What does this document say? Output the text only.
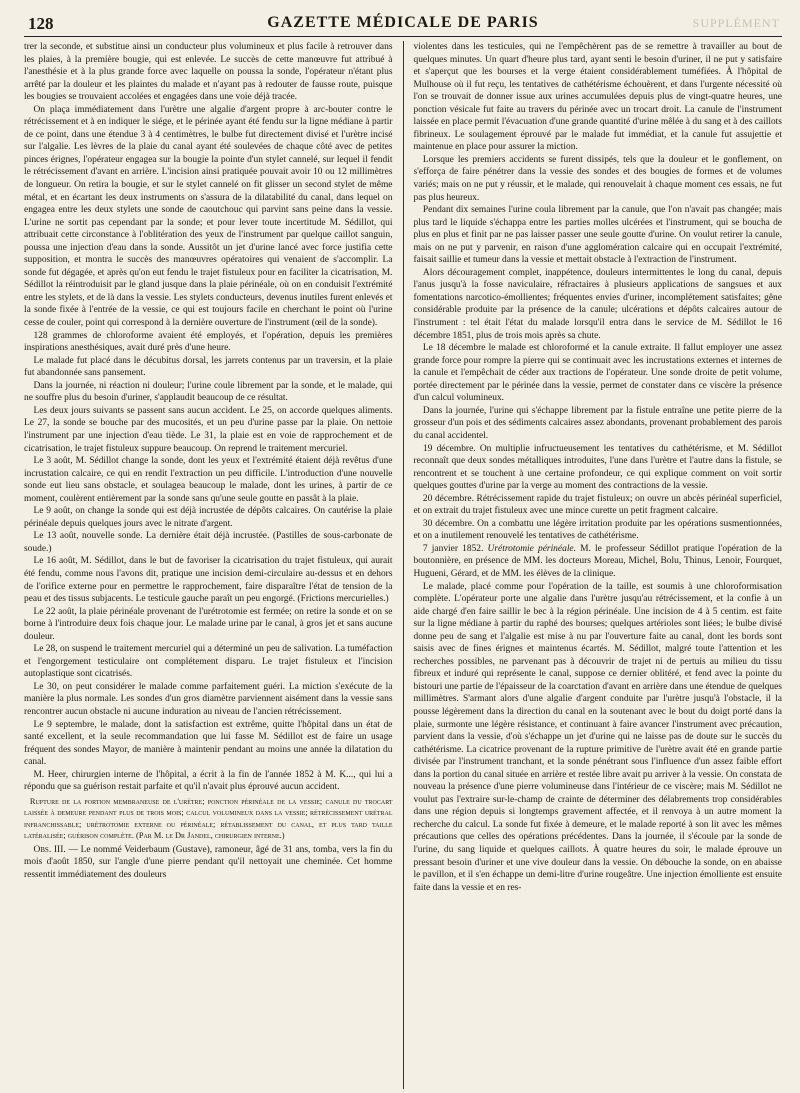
128	GAZETTE MÉDICALE DE PARIS	SUPPLÉMENT

trer la seconde, et substitue ainsi un conducteur plus volumineux et plus facile à retrouver dans les plaies, à la première bougie, qui est enlevée. Le succès de cette manœuvre fut attribué à l'anesthésie et à la plus grande force avec laquelle on poussa la sonde, l'opérateur n'étant plus arrêté par la douleur et les plaintes du malade et n'ayant pas à redouter de fausse route, puisque les bougies se trouvaient accolées et engagées dans une voie déjà tracée.

On plaça immédiatement dans l'urètre une algalie d'argent propre à arc-bouter contre le rétrécissement et à en indiquer le siége, et le périnée ayant été fendu sur la ligne médiane à partir de ce point, dans une étendue 3 à 4 centimètres, le bulbe fut directement divisé et l'urètre incisé sur l'algalie. Les lèvres de la plaie du canal ayant été soulevées de chaque côté avec de petites pinces érignes, l'opérateur engagea sur la bougie la pointe d'un stylet cannelé, sur lequel il fendit le rétrécissement d'avant en arrière. L'incision ainsi pratiquée pouvait avoir 10 ou 12 millimètres de longueur. On retira la bougie, et sur le stylet cannelé on fit glisser un second stylet de même métal, et en écartant les deux instruments on s'assura de la dilatabilité du canal, dans lequel on engagea entre les deux stylets une sonde de caoutchouc qui parvint sans peine dans la vessie. L'urine ne sortit pas cependant par la sonde; et pour lever toute incertitude M. Sédillot, qui attribuait cette circonstance à l'oblitération des yeux de l'instrument par quelque caillot sanguin, poussa une injection d'eau dans la sonde. Aussitôt un jet d'urine lancé avec force justifia cette supposition, et montra le succès des manœuvres opératoires qui venaient de s'accomplir. La sonde fut dégagée, et après qu'on eut fendu le trajet fistuleux pour en faciliter la cicatrisation, M. Sédillot la réintroduisit par le gland jusque dans la plaie périnéale, où on en conduisit l'extrémité entre les stylets, et de là dans la vessie. Les stylets conducteurs, devenus inutiles furent enlevés et la sonde fixée à l'entrée de la vessie, ce qui est toujours facile en cherchant le point où l'urine cesse de couler, point qui correspond à la dernière ouverture de l'instrument (œil de la sonde).

128 grammes de chloroforme avaient été employés, et l'opération, depuis les premières inspirations anesthésiques, avait duré près d'une heure.

Le malade fut placé dans le décubitus dorsal, les jarrets contenus par un traversin, et la plaie fut abandonnée sans pansement.

Dans la journée, ni réaction ni douleur; l'urine coule librement par la sonde, et le malade, qui ne souffre plus du besoin d'uriner, s'applaudit beaucoup de ce résultat.

Les deux jours suivants se passent sans aucun accident. Le 25, on accorde quelques aliments. Le 27, la sonde se bouche par des mucosités, et un peu d'urine passe par la plaie. On nettoie l'instrument par une injection d'eau tiède. Le 31, la plaie est en voie de rapprochement et de cicatrisation, le trajet fistuleux suppure beaucoup. On reprend le traitement mercuriel.

Le 3 août, M. Sédillot change la sonde, dont les yeux et l'extrémité étaient déjà revêtus d'une incrustation calcaire, ce qui en rendit l'extraction un peu difficile. L'introduction d'une nouvelle sonde eut lieu sans obstacle, et soulagea beaucoup le malade, dont les urines, à partir de ce moment, coulèrent entièrement par la sonde sans qu'une seule goutte en passât à la plaie.

Le 9 août, on change la sonde qui est déjà incrustée de dépôts calcaires. On cautérise la plaie périnéale depuis quelques jours avec le nitrate d'argent.

Le 13 août, nouvelle sonde. La dernière était déjà incrustée. (Pastilles de sous-carbonate de soude.)

Le 16 août, M. Sédillot, dans le but de favoriser la cicatrisation du trajet fistuleux, qui aurait été fendu, comme nous l'avons dit, pratique une incision demi-circulaire au-dessus et en dehors de l'orifice externe pour en permettre le rapprochement, faire disparaître l'état de tension de la peau et des tissus subjacents. Le testicule gauche paraît un peu engorgé. (Frictions mercurielles.)

Le 22 août, la plaie périnéale provenant de l'urétrotomie est fermée; on retire la sonde et on se borne à l'introduire deux fois chaque jour. Le malade urine par le canal, à gros jet et sans aucune douleur.

Le 28, on suspend le traitement mercuriel qui a déterminé un peu de salivation. La tuméfaction et l'engorgement testiculaire ont complétement disparu. Le trajet fistuleux et l'incision autoplastique sont cicatrisés.

Le 30, on peut considérer le malade comme parfaitement guéri. La miction s'exécute de la manière la plus normale. Les sondes d'un gros diamètre parviennent aisément dans la vessie sans rencontrer aucun obstacle ni aucune induration au niveau de l'ancien rétrécissement.

Le 9 septembre, le malade, dont la satisfaction est extrême, quitte l'hôpital dans un état de santé excellent, et la seule recommandation que lui fasse M. Sédillot est de faire un usage fréquent des sondes Mayor, de manière à maintenir pendant au moins une année la dilatation du canal.

M. Heer, chirurgien interne de l'hôpital, a écrit à la fin de l'année 1852 à M. K..., qui lui a répondu que sa guérison restait parfaite et qu'il n'avait plus éprouvé aucun accident.

Rupture de la portion membraneuse de l'urètre; ponction périnéale de la vessie; canule du trocart laissée à demeure pendant plus de trois mois; calcul volumineux dans la vessie; rétrécissement urétral infranchissable; urétrotomie externe ou périnéale; rétablissement du canal, et plus tard taille latéralisée; guérison complète. (Par M. le Dr Jandel, chirurgien interne.)

Obs. III. — Le nommé Veiderbaum (Gustave), ramoneur, âgé de 31 ans, tomba, vers la fin du mois d'août 1850, sur l'angle d'une pierre pendant qu'il nettoyait une cheminée. Cet homme ressentit immédiatement des douleurs

violentes dans les testicules, qui ne l'empêchèrent pas de se remettre à travailler au bout de quelques minutes. Un quart d'heure plus tard, ayant senti le besoin d'uriner, il ne put y satisfaire et s'aperçut que les bourses et la verge étaient considérablement tuméfiées. À l'hôpital de Mulhouse où il fut reçu, les tentatives de cathétérisme échouèrent, et dans l'urgente nécessité où l'on se trouvait de donner issue aux urines accumulées depuis plus de vingt-quatre heures, une ponction vésicale fut faite au travers du périnée avec un trocart droit. La canule de l'instrument laissée en place permit l'évacuation d'une grande quantité d'urine mêlée à du sang et à des caillots fibrineux. Le soulagement éprouvé par le malade fut immédiat, et la canule fut assujettie et maintenue en place pour assurer la miction.

Lorsque les premiers accidents se furent dissipés, tels que la douleur et le gonflement, on s'efforça de faire pénétrer dans la vessie des sondes et des bougies de formes et de volumes variés; mais on ne put y réussir, et le malade, qui renouvelait à chaque moment ces essais, ne fut pas plus heureux.

Pendant dix semaines l'urine coula librement par la canule, que l'on n'avait pas changée; mais plus tard le liquide s'échappa entre les parties molles ulcérées et l'instrument, qui se boucha de plus en plus et finit par ne pas laisser passer une seule goutte d'urine. On voulut retirer la canule, mais on ne put y parvenir, en raison d'une agglomération calcaire qui en occupait l'extrémité, faisait saillie et tumeur dans la vessie et mettait obstacle à l'extraction de l'instrument.

Alors découragement complet, inappétence, douleurs intermittentes le long du canal, depuis l'anus jusqu'à la fosse naviculaire, réfractaires à plusieurs applications de sangsues et aux fomentations narcotico-émollientes; fréquentes envies d'uriner, incomplétement satisfaites; gêne considérable produite par la présence de la canule; ulcérations et dépôts calcaires autour de l'instrument : tel était l'état du malade lorsqu'il entra dans le service de M. Sédillot le 16 décembre 1851, plus de trois mois après sa chute.

Le 18 décembre le malade est chloroformé et la canule extraite. Il fallut employer une assez grande force pour rompre la pierre qui se continuait avec les incrustations externes et internes de la canule et l'empêchait de céder aux tractions de l'opérateur. Une sonde droite de petit volume, portée directement par le périnée dans la vessie, permet de constater dans ce viscère la présence d'un calcul volumineux.

Dans la journée, l'urine qui s'échappe librement par la fistule entraîne une petite pierre de la grosseur d'un pois et des sédiments calcaires assez abondants, provenant probablement des parois du canal accidentel.

19 décembre. On multiplie infructueusement les tentatives du cathétérisme, et M. Sédillot reconnaît que deux sondes métalliques introduites, l'une dans l'urètre et l'autre dans la fistule, se rencontrent et se touchent à une certaine profondeur, ce qui explique comment on voit sortir quelques gouttes d'urine par la verge au moment des contractions de la vessie.

20 décembre. Rétrécissement rapide du trajet fistuleux; on ouvre un abcès périnéal superficiel, et on extrait du trajet fistuleux avec une mince curette un petit fragment calcaire.

30 décembre. On a combattu une légère irritation produite par les opérations susmentionnées, et on a inutilement renouvelé les tentatives de cathétérisme.

7 janvier 1852. Urétrotomie périnéale. M. le professeur Sédillot pratique l'opération de la boutonnière, en présence de MM. les docteurs Moreau, Michel, Bolu, Thinus, Lenoir, Fourquet, Hugueni, Gérard, et de MM. les élèves de la clinique.

Le malade, placé comme pour l'opération de la taille, est soumis à une chloroformisation complète. L'opérateur porte une algalie dans l'urètre jusqu'au rétrécissement, et la confie à un aide chargé d'en faire saillir le bec à la région périnéale. Une incision de 4 à 5 centim. est faite sur la ligne médiane à partir du raphé des bourses; quelques artérioles sont liées; le bulbe divisé donne peu de sang et l'algalie est mise à nu par l'ouverture faite au canal, dont les bords sont saisis avec de fines érignes et maintenus écartés. M. Sédillot, malgré toute l'attention et les recherches possibles, ne parvenant pas à découvrir de trajet ni de pertuis au milieu du tissu fibreux et induré qui représente le canal, suppose ce dernier oblitéré, et fend avec la pointe du bistouri une partie de l'épaisseur de la coarctation d'avant en arrière dans une étendue de quelques millimètres. S'armant alors d'une algalie d'argent conduite par l'urètre jusqu'à l'obstacle, il la pousse légèrement dans la direction du canal en la soutenant avec le bout du doigt porté dans la plaie, surmonte une légère résistance, et continuant à faire avancer l'instrument avec précaution, parvient dans la vessie, d'où s'échappe un jet d'urine qui ne laisse pas de doute sur le succès du cathétérisme. La cicatrice provenant de la rupture primitive de l'urètre avait été en grande partie divisée par l'instrument tranchant, et la sonde pénétrant sous l'influence d'un assez faible effort dans la portion du canal située en arrière et restée libre avait pu arriver à la vessie. On constata de nouveau la présence d'une pierre volumineuse dans l'intérieur de ce viscère; mais M. Sédillot ne voulut pas l'extraire sur-le-champ de crainte de déterminer des délabrements trop considérables dans une région depuis si longtemps gravement affectée, et il renvoya à un autre moment la recherche du calcul. La sonde fut fixée à demeure, et le malade reporté à son lit avec les mêmes précautions que celles des opérations précédentes. Dans la journée, il s'écoule par la sonde de l'urine, du sang liquide et quelques caillots. À quatre heures du soir, le malade éprouve un pressant besoin d'uriner et une vive douleur dans la vessie. On débouche la sonde, on en abaisse le pavillon, et il s'en échappe un demi-litre d'urine rougeâtre. Une injection émolliente est ensuite faite dans la vessie et en res-
